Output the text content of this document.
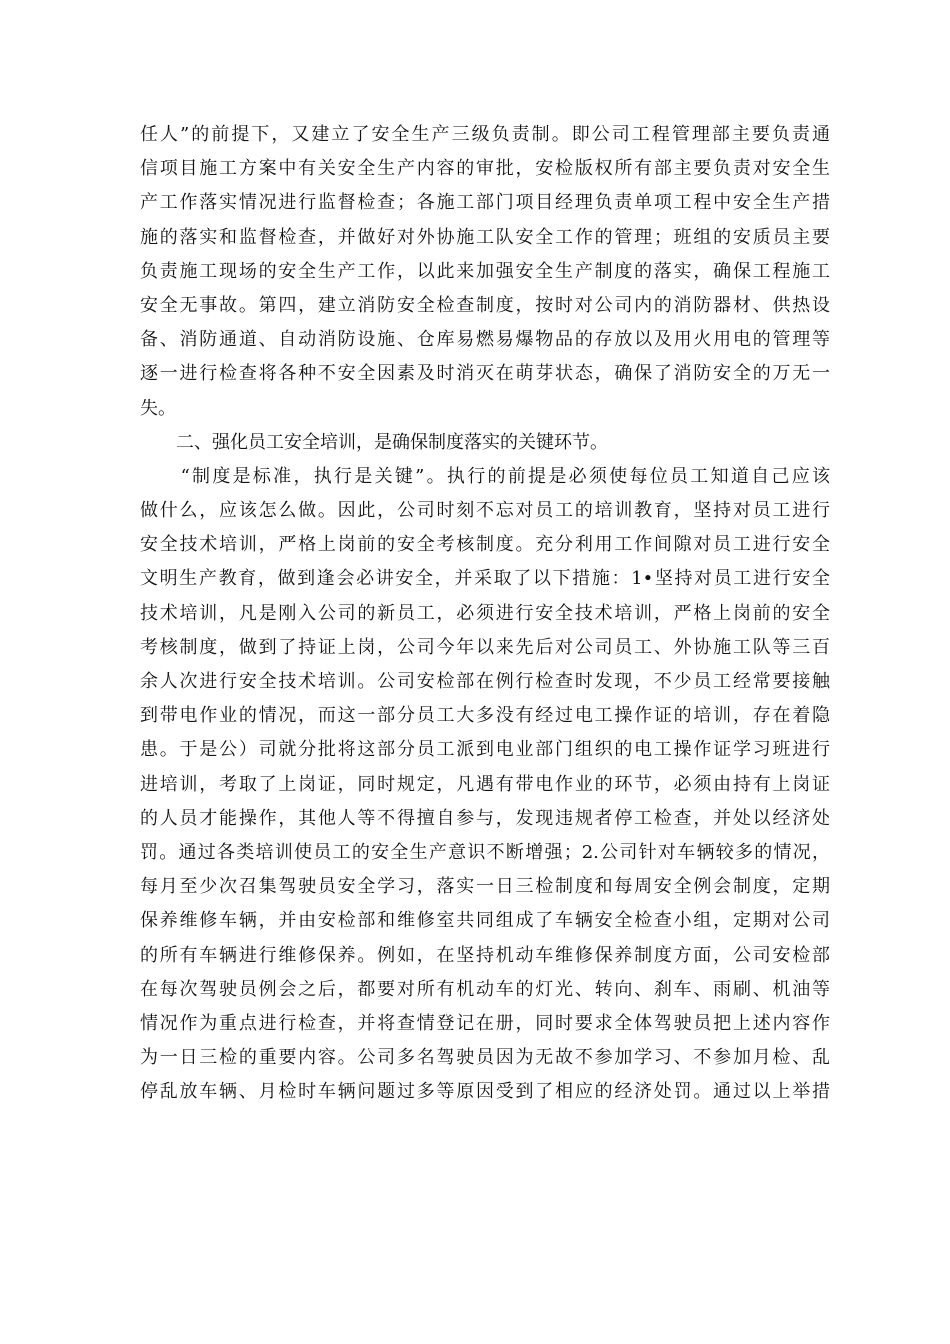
任人”的前提下，又建立了安全生产三级负责制。即公司工程管理部主要负责通
信项目施工方案中有关安全生产内容的审批，安检版权所有部主要负责对安全生
产工作落实情况进行监督检查；各施工部门项目经理负责单项工程中安全生产措
施的落实和监督检查，并做好对外协施工队安全工作的管理；班组的安质员主要
负责施工现场的安全生产工作，以此来加强安全生产制度的落实，确保工程施工
安全无事故。第四，建立消防安全检查制度，按时对公司内的消防器材、供热设
备、消防通道、自动消防设施、仓库易燃易爆物品的存放以及用火用电的管理等
逐一进行检查将各种不安全因素及时消灭在萌芽状态，确保了消防安全的万无一
失。
　　二、强化员工安全培训，是确保制度落实的关键环节。
　　“制度是标准，执行是关键”。执行的前提是必须使每位员工知道自己应该
做什么，应该怎么做。因此，公司时刻不忘对员工的培训教育，坚持对员工进行
安全技术培训，严格上岗前的安全考核制度。充分利用工作间隙对员工进行安全
文明生产教育，做到逢会必讲安全，并采取了以下措施：1•坚持对员工进行安全
技术培训，凡是刚入公司的新员工，必须进行安全技术培训，严格上岗前的安全
考核制度，做到了持证上岗，公司今年以来先后对公司员工、外协施工队等三百
余人次进行安全技术培训。公司安检部在例行检查时发现，不少员工经常要接触
到带电作业的情况，而这一部分员工大多没有经过电工操作证的培训，存在着隐
患。于是公）司就分批将这部分员工派到电业部门组织的电工操作证学习班进行
进培训，考取了上岗证，同时规定，凡遇有带电作业的环节，必须由持有上岗证
的人员才能操作，其他人等不得擅自参与，发现违规者停工检查，并处以经济处
罚。通过各类培训使员工的安全生产意识不断增强；2.公司针对车辆较多的情况，
每月至少次召集驾驶员安全学习，落实一日三检制度和每周安全例会制度，定期
保养维修车辆，并由安检部和维修室共同组成了车辆安全检查小组，定期对公司
的所有车辆进行维修保养。例如，在坚持机动车维修保养制度方面，公司安检部
在每次驾驶员例会之后，都要对所有机动车的灯光、转向、刹车、雨刷、机油等
情况作为重点进行检查，并将查情登记在册，同时要求全体驾驶员把上述内容作
为一日三检的重要内容。公司多名驾驶员因为无故不参加学习、不参加月检、乱
停乱放车辆、月检时车辆问题过多等原因受到了相应的经济处罚。通过以上举措
